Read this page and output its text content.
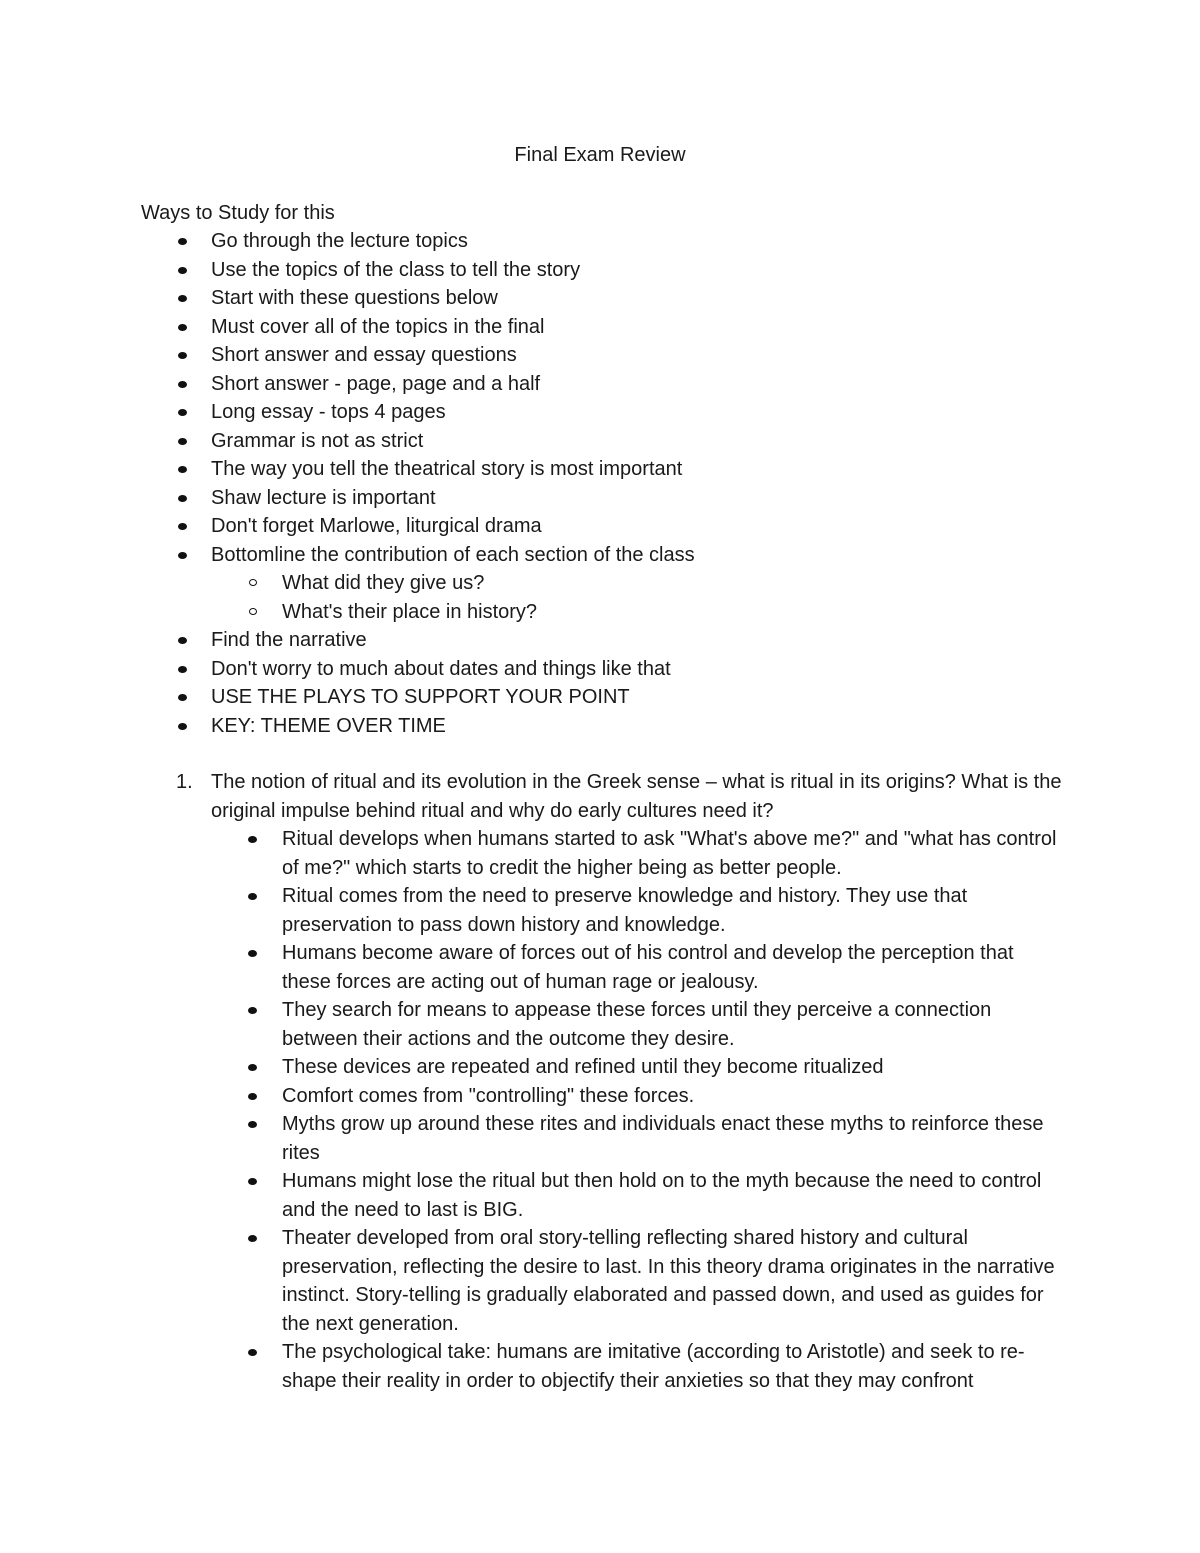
Final Exam Review
Ways to Study for this
Go through the lecture topics
Use the topics of the class to tell the story
Start with these questions below
Must cover all of the topics in the final
Short answer and essay questions
Short answer - page, page and a half
Long essay - tops 4 pages
Grammar is not as strict
The way you tell the theatrical story is most important
Shaw lecture is important
Don't forget Marlowe, liturgical drama
Bottomline the contribution of each section of the class
What did they give us?
What's their place in history?
Find the narrative
Don't worry to much about dates and things like that
USE THE PLAYS TO SUPPORT YOUR POINT
KEY: THEME OVER TIME
1. The notion of ritual and its evolution in the Greek sense – what is ritual in its origins? What is the original impulse behind ritual and why do early cultures need it?
Ritual develops when humans started to ask "What's above me?" and "what has control of me?" which starts to credit the higher being as better people.
Ritual comes from the need to preserve knowledge and history. They use that preservation to pass down history and knowledge.
Humans become aware of forces out of his control and develop the perception that these forces are acting out of human rage or jealousy.
They search for means to appease these forces until they perceive a connection between their actions and the outcome they desire.
These devices are repeated and refined until they become ritualized
Comfort comes from "controlling" these forces.
Myths grow up around these rites and individuals enact these myths to reinforce these rites
Humans might lose the ritual but then hold on to the myth because the need to control and the need to last is BIG.
Theater developed from oral story-telling reflecting shared history and cultural preservation, reflecting the desire to last. In this theory drama originates in the narrative instinct. Story-telling is gradually elaborated and passed down, and used as guides for the next generation.
The psychological take: humans are imitative (according to Aristotle) and seek to re-shape their reality in order to objectify their anxieties so that they may confront
